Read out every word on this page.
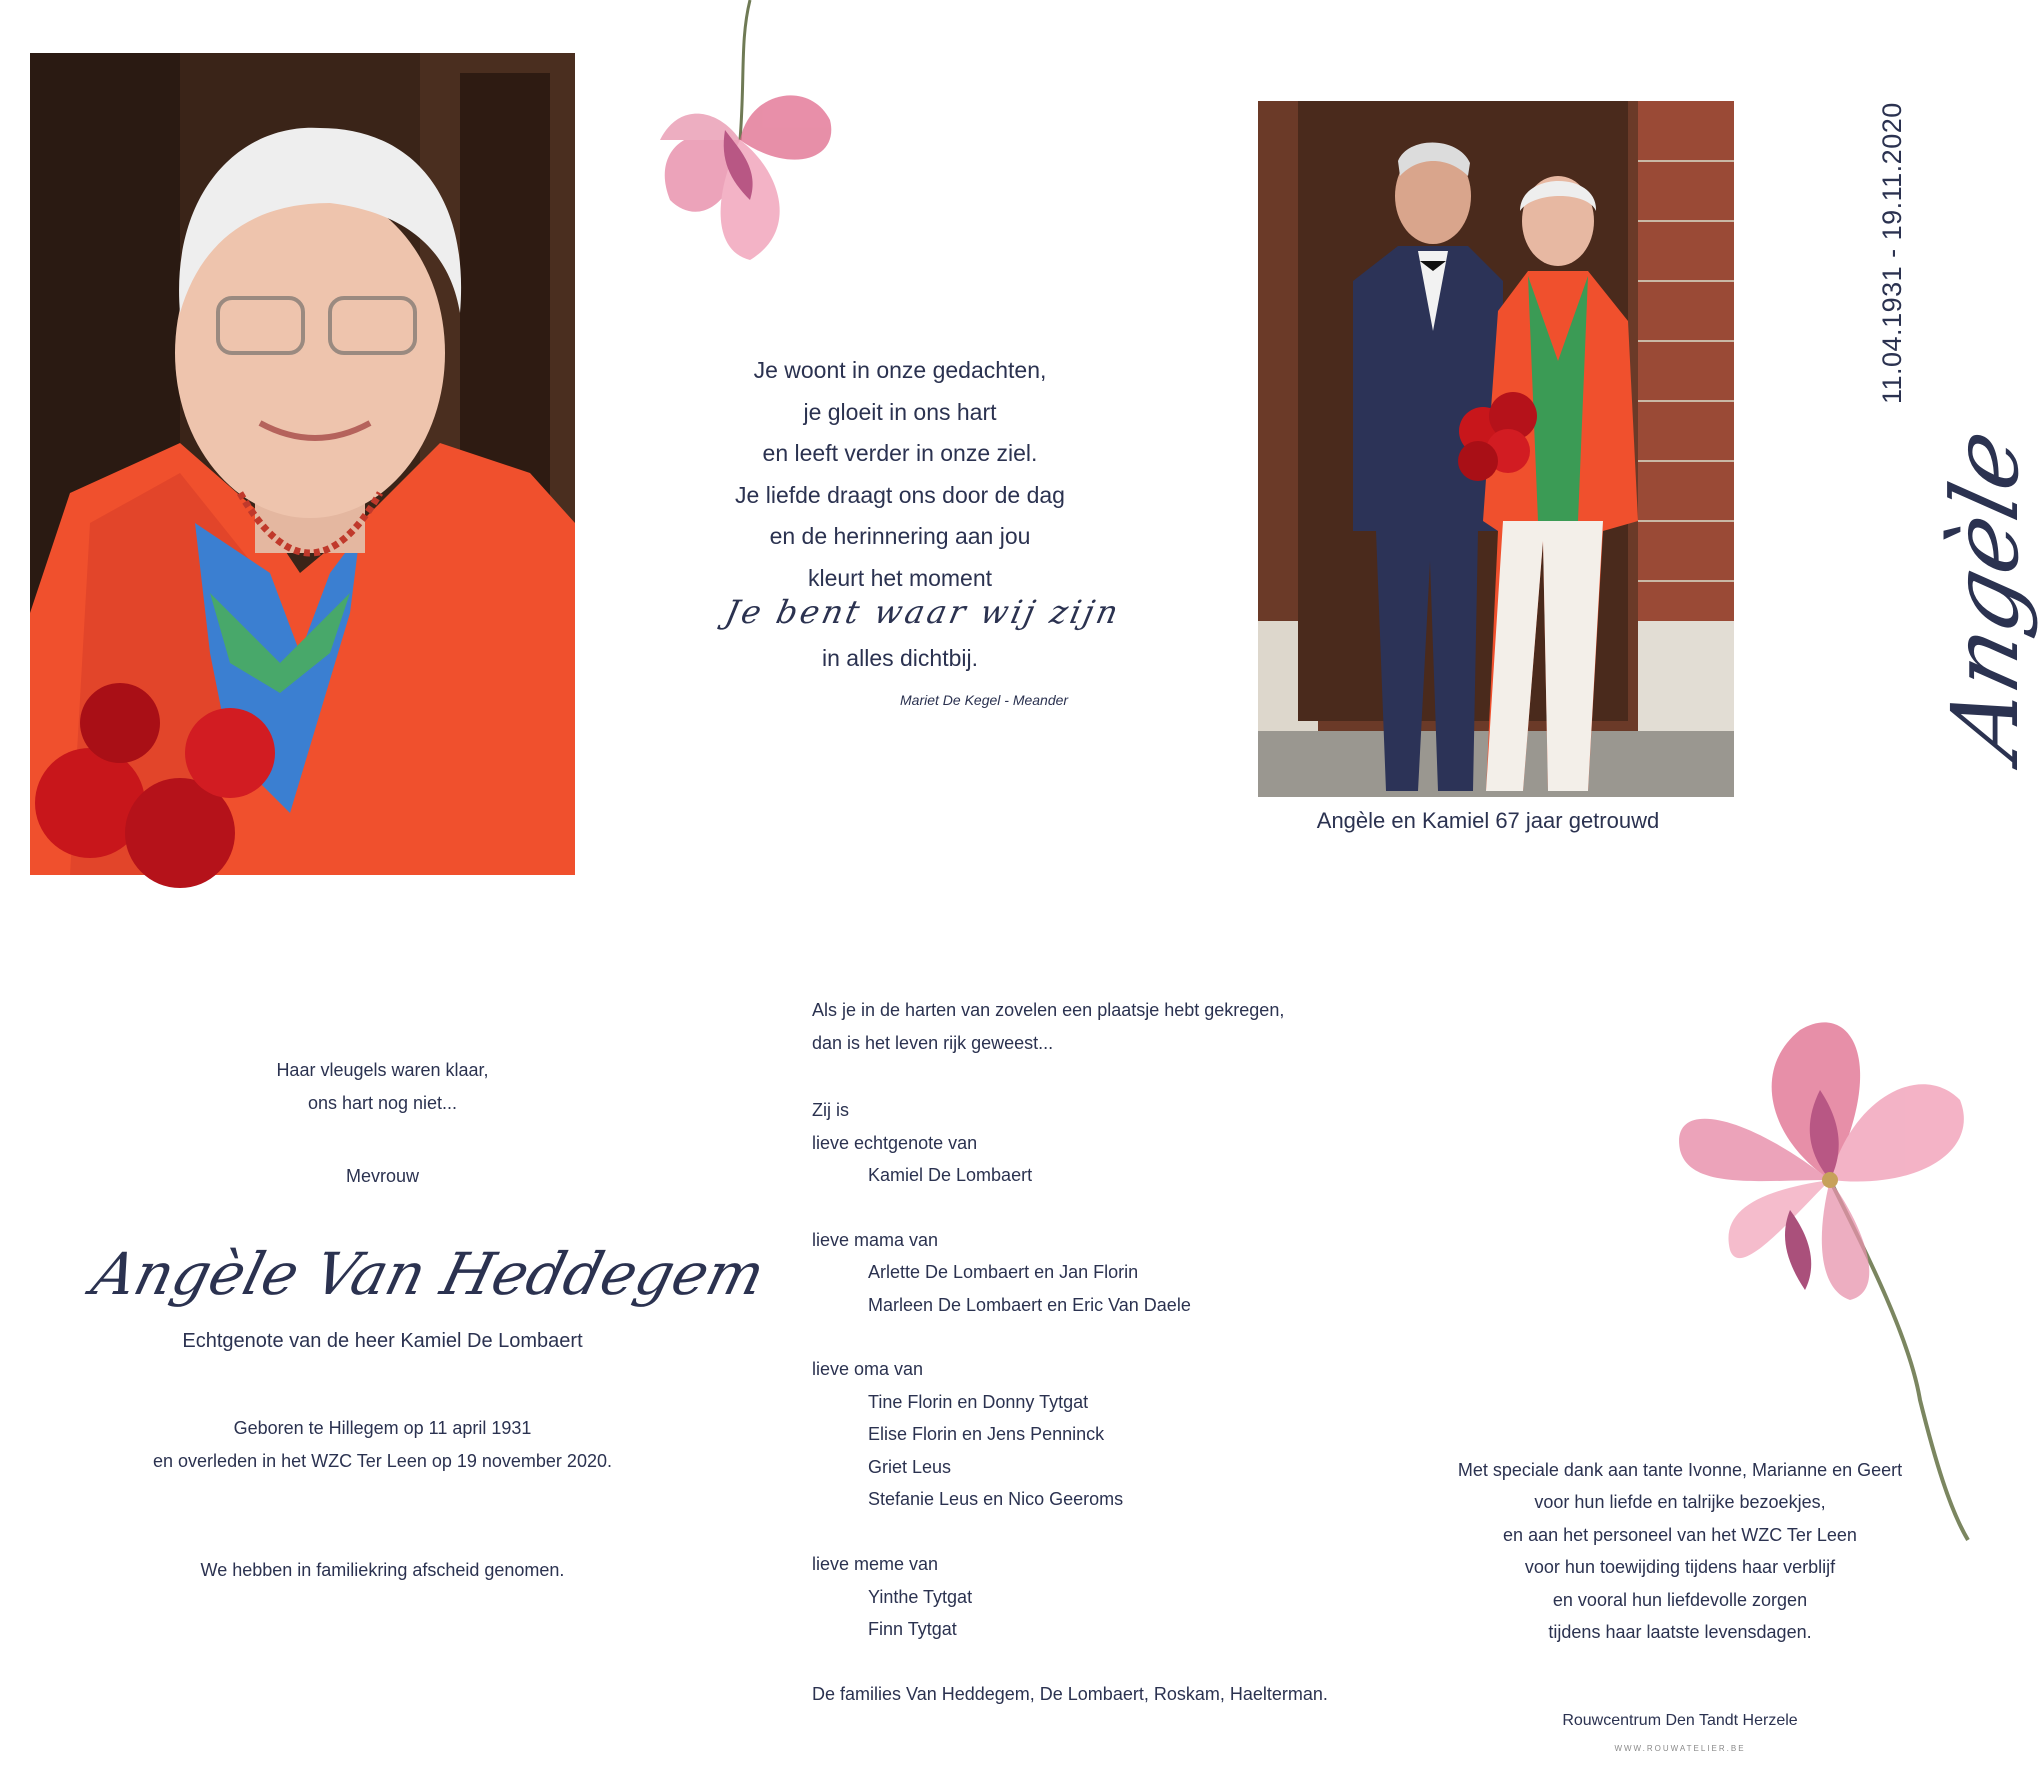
Je woont in onze gedachten,
je gloeit in ons hart
en leeft verder in onze ziel.
Je liefde draagt ons door de dag
en de herinnering aan jou
kleurt het moment
Je bent waar wij zijn
in alles dichtbij.
Mariet De Kegel - Meander
Angèle en Kamiel 67 jaar getrouwd
11.04.1931 - 19.11.2020
Angèle
Haar vleugels waren klaar,
ons hart nog niet...
Mevrouw
Echtgenote van de heer Kamiel De Lombaert
Geboren te Hillegem op 11 april 1931
en overleden in het WZC Ter Leen op 19 november 2020.
We hebben in familiekring afscheid genomen.
Angèle Van Heddegem
Als je in de harten van zovelen een plaatsje hebt gekregen,
dan is het leven rijk geweest...
Zij is
lieve echtgenote van
Kamiel De Lombaert
lieve mama van
Arlette De Lombaert en Jan Florin
Marleen De Lombaert en Eric Van Daele
lieve oma van
Tine Florin en Donny Tytgat
Elise Florin en Jens Penninck
Griet Leus
Stefanie Leus en Nico Geeroms
lieve meme van
Yinthe Tytgat
Finn Tytgat
De families Van Heddegem, De Lombaert, Roskam, Haelterman.
Met speciale dank aan tante Ivonne, Marianne en Geert
voor hun liefde en talrijke bezoekjes,
en aan het personeel van het WZC Ter Leen
voor hun toewijding tijdens haar verblijf
en vooral hun liefdevolle zorgen
tijdens haar laatste levensdagen.
Rouwcentrum Den Tandt Herzele
WWW.ROUWATELIER.BE
